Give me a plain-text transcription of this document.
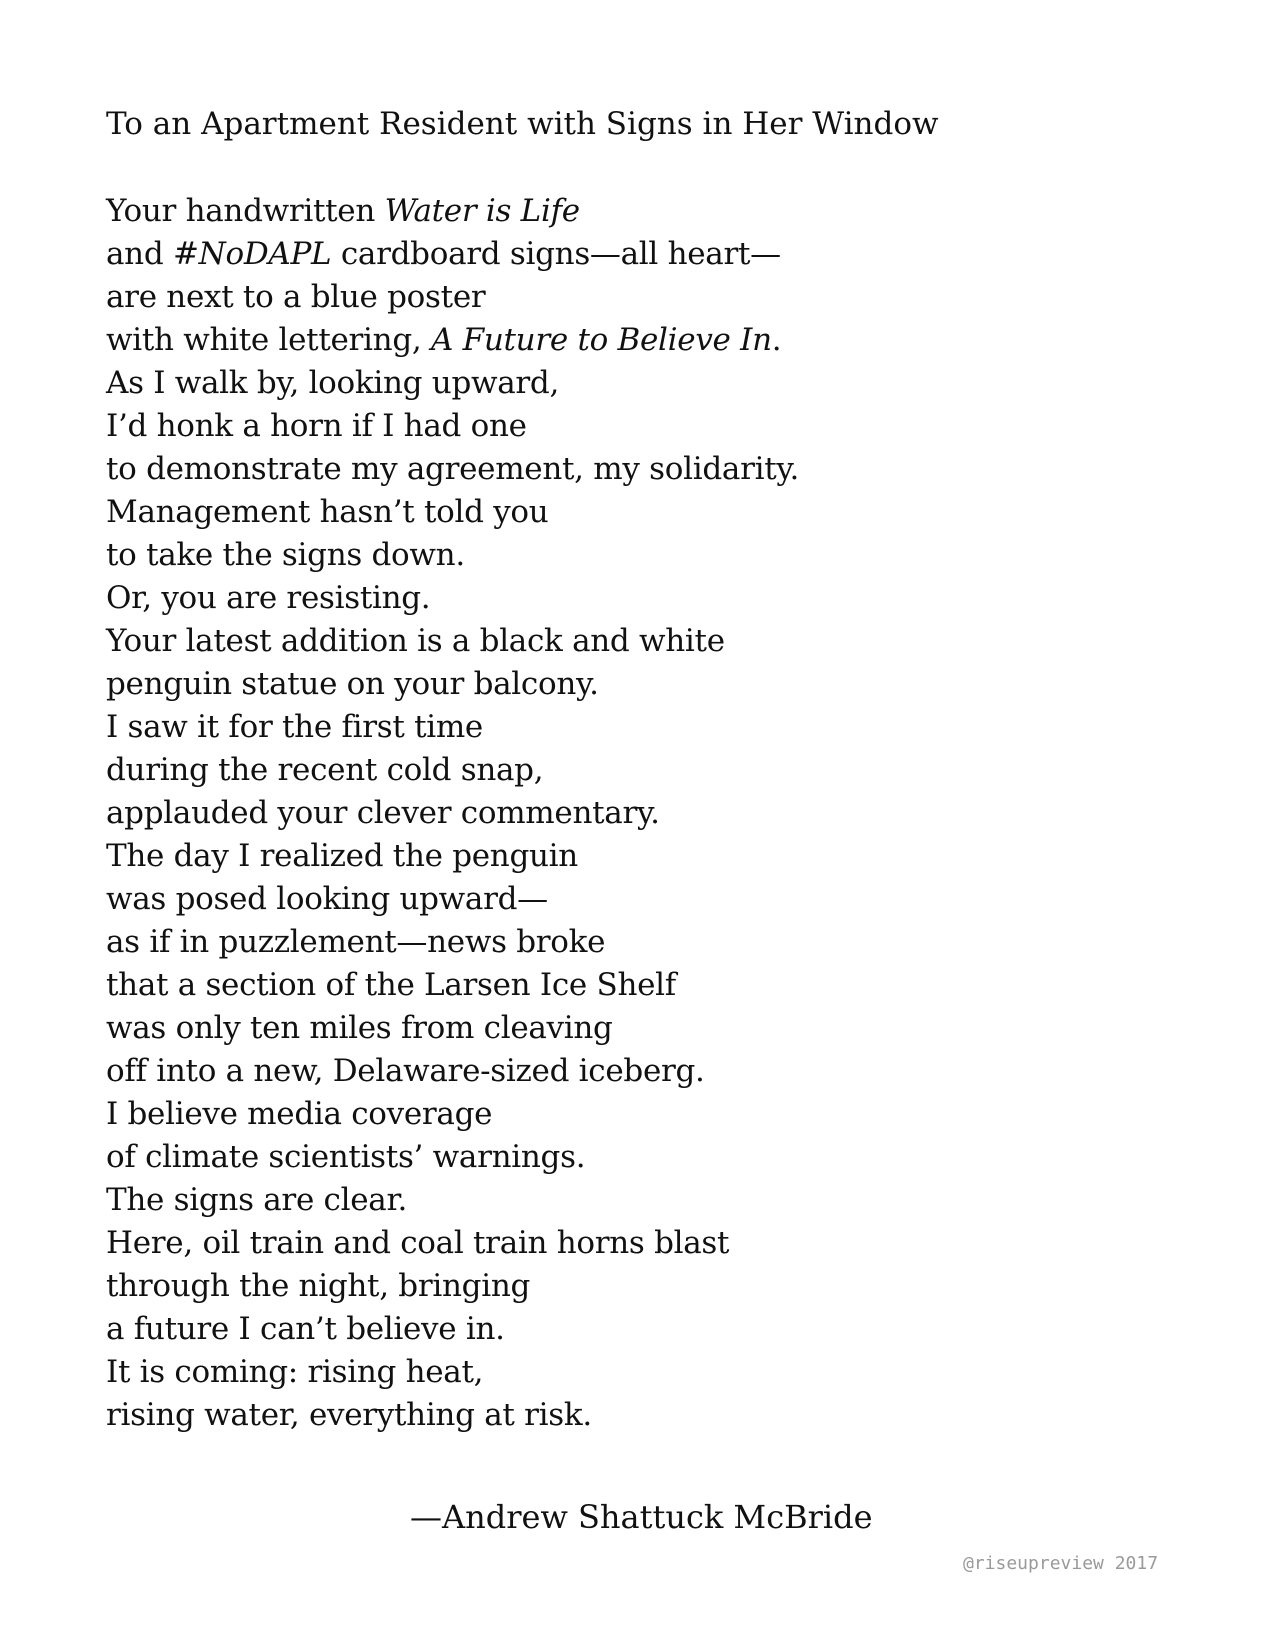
To an Apartment Resident with Signs in Her Window
Your handwritten Water is Life
and #NoDAPL cardboard signs—all heart—
are next to a blue poster
with white lettering, A Future to Believe In.
As I walk by, looking upward,
I’d honk a horn if I had one
to demonstrate my agreement, my solidarity.
Management hasn’t told you
to take the signs down.
Or, you are resisting.
Your latest addition is a black and white
penguin statue on your balcony.
I saw it for the first time
during the recent cold snap,
applauded your clever commentary.
The day I realized the penguin
was posed looking upward—
as if in puzzlement—news broke
that a section of the Larsen Ice Shelf
was only ten miles from cleaving
off into a new, Delaware-sized iceberg.
I believe media coverage
of climate scientists’ warnings.
The signs are clear.
Here, oil train and coal train horns blast
through the night, bringing
a future I can’t believe in.
It is coming: rising heat,
rising water, everything at risk.
—Andrew Shattuck McBride
@riseupreview 2017
